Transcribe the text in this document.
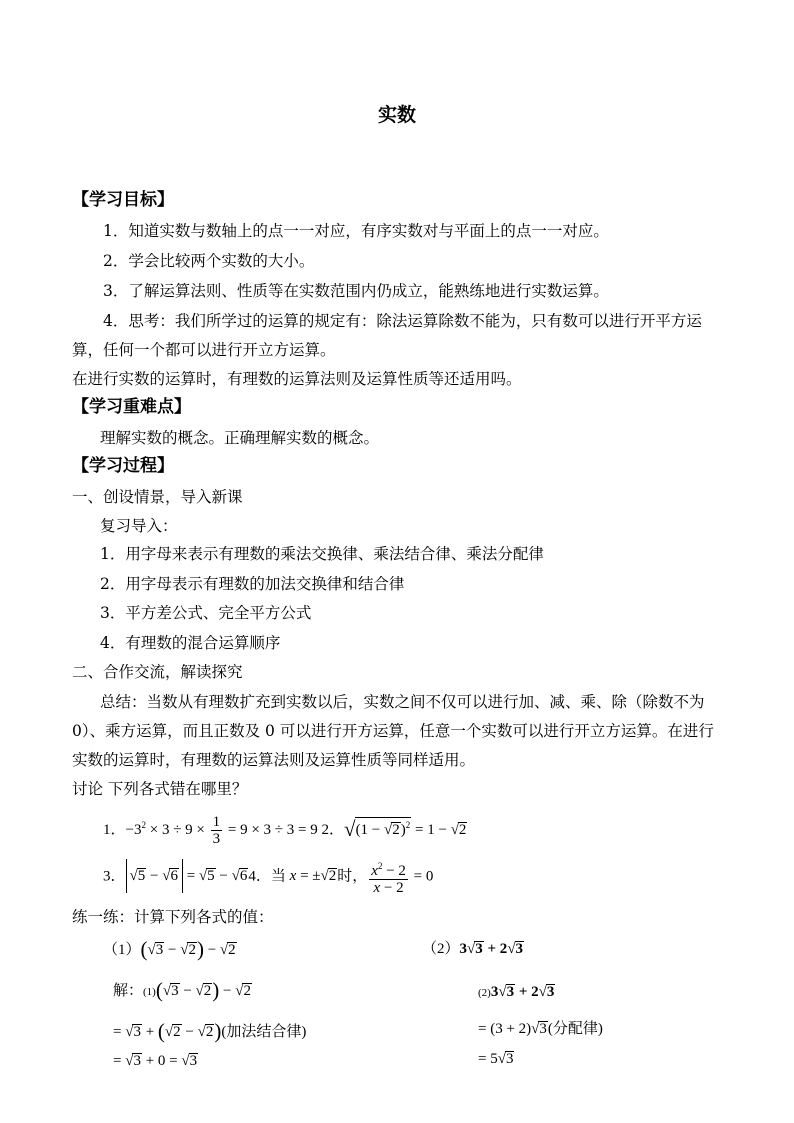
实数
【学习目标】
1．知道实数与数轴上的点一一对应，有序实数对与平面上的点一一对应。
2．学会比较两个实数的大小。
3．了解运算法则、性质等在实数范围内仍成立，能熟练地进行实数运算。
4．思考：我们所学过的运算的规定有：除法运算除数不能为，只有数可以进行开平方运
算，任何一个都可以进行开立方运算。
在进行实数的运算时，有理数的运算法则及运算性质等还适用吗。
【学习重难点】
理解实数的概念。正确理解实数的概念。
【学习过程】
一、创设情景，导入新课
复习导入：
1．用字母来表示有理数的乘法交换律、乘法结合律、乘法分配律
2．用字母表示有理数的加法交换律和结合律
3．平方差公式、完全平方公式
4．有理数的混合运算顺序
二、合作交流，解读探究
总结：当数从有理数扩充到实数以后，实数之间不仅可以进行加、减、乘、除（除数不为
0）、乘方运算，而且正数及 0 可以进行开方运算，任意一个实数可以进行开立方运算。在进行
实数的运算时，有理数的运算法则及运算性质等同样适用。
讨论 下列各式错在哪里？
1．$-3^2 \times 3 \div 9 \times \frac{1}{3} = 9 \times 3 \div 3 = 9$ 2．$√(1 - √2)^2 = 1 - √2$
3． √5 − √6 = √5 − √64．当 x = ±√2时， $\frac{x^2 - 2}{x - 2} = 0$
练一练：计算下列各式的值：
（1）(√3 − √2) − √2	（2）3√3 + 2√3
解：(1)(√3 − √2) − √2	(2)3√3 + 2√3
= √3 + (√2 − √2)(加法结合律)	= (3 + 2)√3(分配律)
= √3 + 0 = √3	= 5√3
